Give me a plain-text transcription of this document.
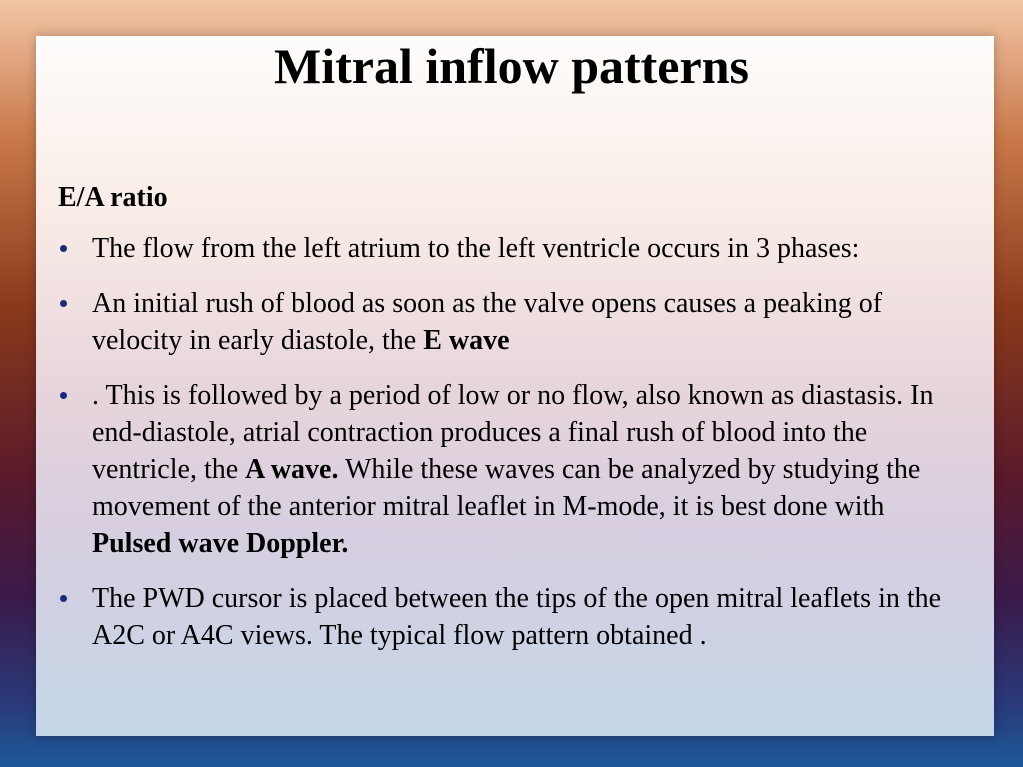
Mitral inflow patterns

E/A ratio

The flow from the left atrium to the left ventricle occurs in 3 phases:
An initial rush of blood as soon as the valve opens causes a peaking of velocity in early diastole, the E wave
. This is followed by a period of low or no flow, also known as diastasis. In end-diastole, atrial contraction produces a final rush of blood into the ventricle, the A wave. While these waves can be analyzed by studying the movement of the anterior mitral leaflet in M-mode, it is best done with Pulsed wave Doppler.
The PWD cursor is placed between the tips of the open mitral leaflets in the A2C or A4C views. The typical flow pattern obtained .
